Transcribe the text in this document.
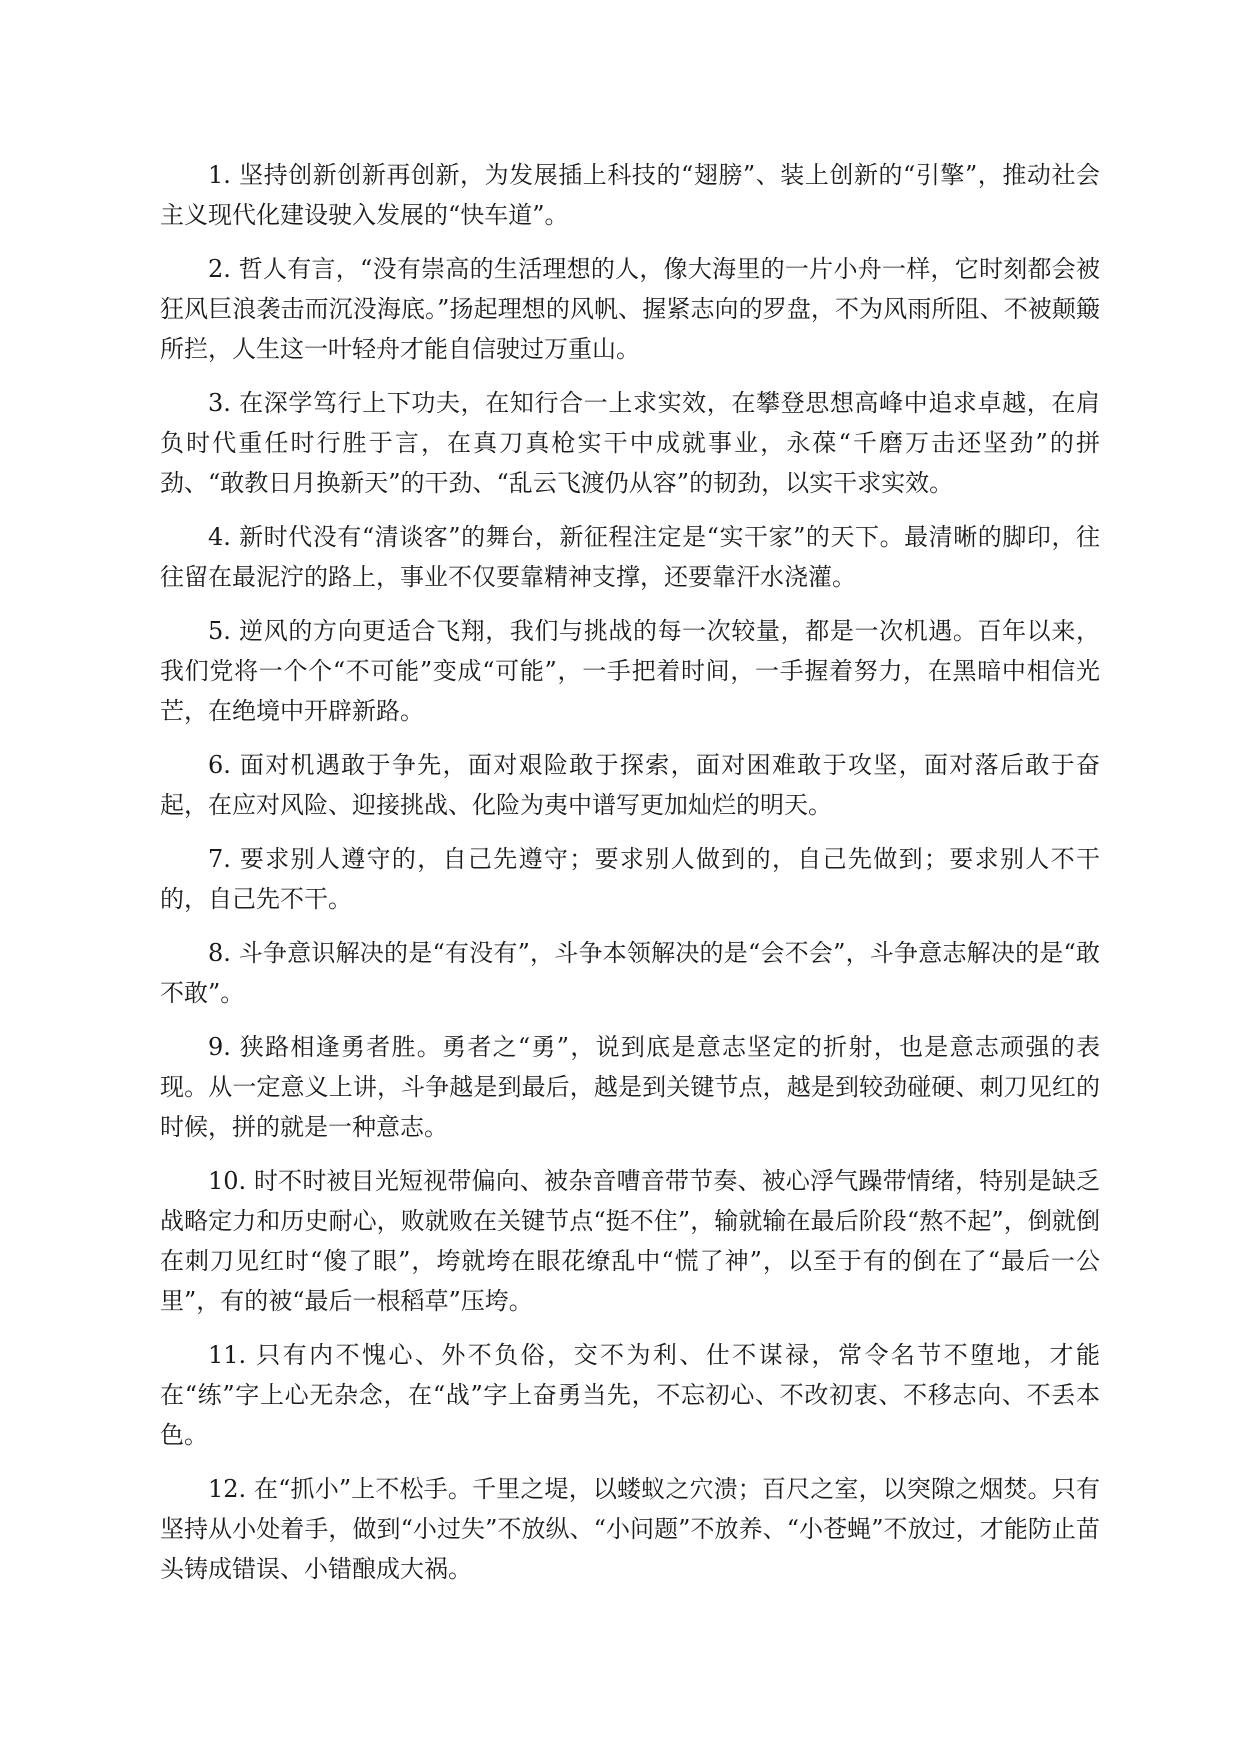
1. 坚持创新创新再创新，为发展插上科技的“翅膀”、装上创新的“引擎”，推动社会主义现代化建设驶入发展的“快车道”。

2. 哲人有言，“没有崇高的生活理想的人，像大海里的一片小舟一样，它时刻都会被狂风巨浪袭击而沉没海底。”扬起理想的风帆、握紧志向的罗盘，不为风雨所阻、不被颠簸所拦，人生这一叶轻舟才能自信驶过万重山。

3. 在深学笃行上下功夫，在知行合一上求实效，在攀登思想高峰中追求卓越，在肩负时代重任时行胜于言，在真刀真枪实干中成就事业，永葆“千磨万击还坚劲”的拼劲、“敢教日月换新天”的干劲、“乱云飞渡仍从容”的韧劲，以实干求实效。

4. 新时代没有“清谈客”的舞台，新征程注定是“实干家”的天下。最清晰的脚印，往往留在最泥泞的路上，事业不仅要靠精神支撑，还要靠汗水浇灌。

5. 逆风的方向更适合飞翔，我们与挑战的每一次较量，都是一次机遇。百年以来，我们党将一个个“不可能”变成“可能”，一手把着时间，一手握着努力，在黑暗中相信光芒，在绝境中开辟新路。

6. 面对机遇敢于争先，面对艰险敢于探索，面对困难敢于攻坚，面对落后敢于奋起，在应对风险、迎接挑战、化险为夷中谱写更加灿烂的明天。

7. 要求别人遵守的，自己先遵守；要求别人做到的，自己先做到；要求别人不干的，自己先不干。

8. 斗争意识解决的是“有没有”，斗争本领解决的是“会不会”，斗争意志解决的是“敢不敢”。

9. 狭路相逢勇者胜。勇者之“勇”，说到底是意志坚定的折射，也是意志顽强的表现。从一定意义上讲，斗争越是到最后，越是到关键节点，越是到较劲碰硬、刺刀见红的时候，拼的就是一种意志。

10. 时不时被目光短视带偏向、被杂音嘈音带节奏、被心浮气躁带情绪，特别是缺乏战略定力和历史耐心，败就败在关键节点“挺不住”，输就输在最后阶段“熬不起”，倒就倒在刺刀见红时“傻了眼”，垮就垮在眼花缭乱中“慌了神”，以至于有的倒在了“最后一公里”，有的被“最后一根稻草”压垮。

11. 只有内不愧心、外不负俗，交不为利、仕不谋禄，常令名节不堕地，才能在“练”字上心无杂念，在“战”字上奋勇当先，不忘初心、不改初衷、不移志向、不丢本色。

12. 在“抓小”上不松手。千里之堤，以蝼蚁之穴溃；百尺之室，以突隙之烟焚。只有坚持从小处着手，做到“小过失”不放纵、“小问题”不放养、“小苍蝇”不放过，才能防止苗头铸成错误、小错酿成大祸。
